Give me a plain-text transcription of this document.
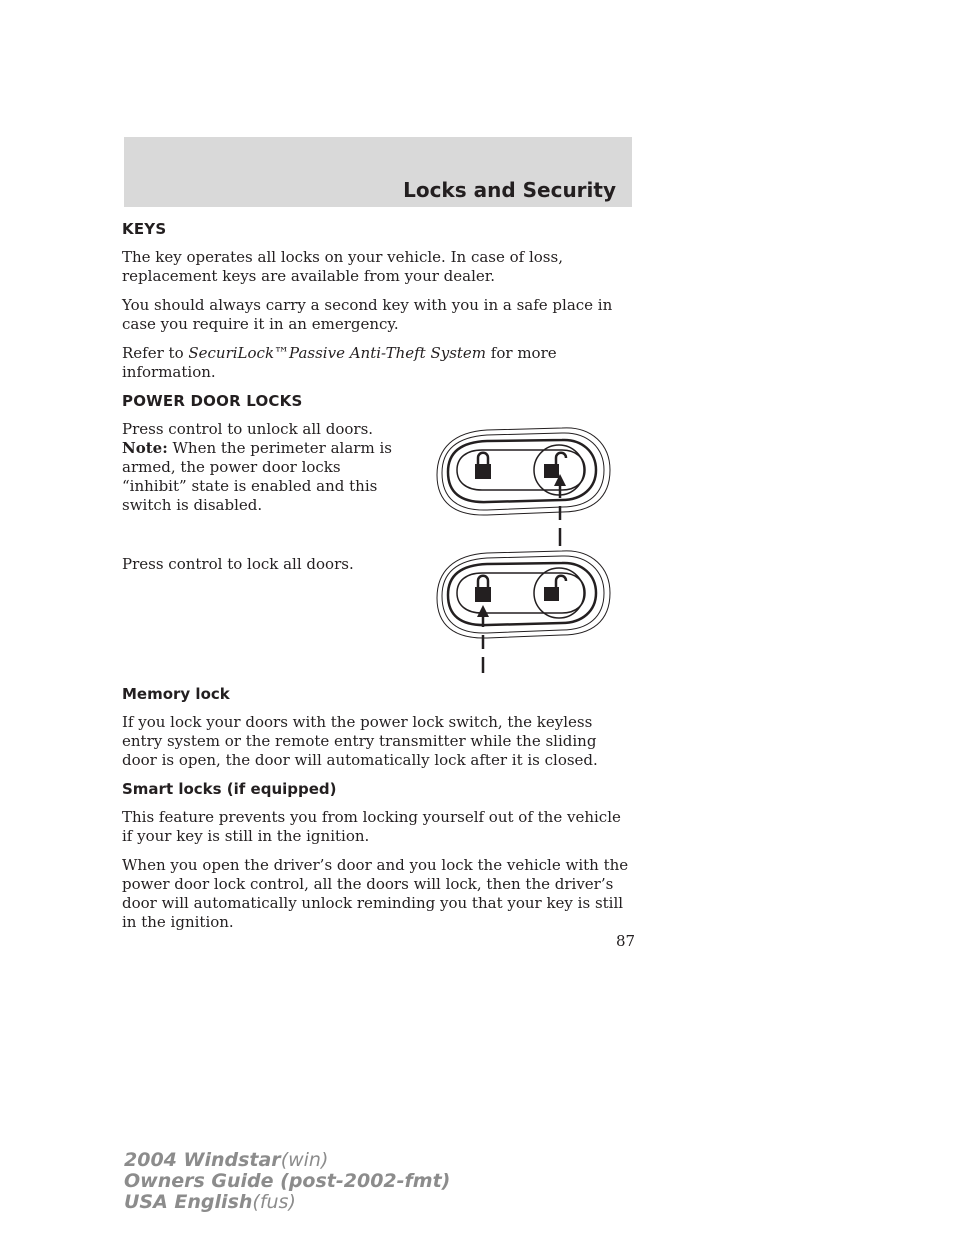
Locks and Security
KEYS

The key operates all locks on your vehicle. In case of loss, replacement keys are available from your dealer.

You should always carry a second key with you in a safe place in case you require it in an emergency.

Refer to SecuriLock™Passive Anti-Theft System for more information.

POWER DOOR LOCKS
Press control to unlock all doors.
Note: When the perimeter alarm is armed, the power door locks “inhibit” state is enabled and this switch is disabled.
Press control to lock all doors.
Memory lock

If you lock your doors with the power lock switch, the keyless entry system or the remote entry transmitter while the sliding door is open, the door will automatically lock after it is closed.

Smart locks (if equipped)

This feature prevents you from locking yourself out of the vehicle if your key is still in the ignition.

When you open the driver’s door and you lock the vehicle with the power door lock control, all the doors will lock, then the driver’s door will automatically unlock reminding you that your key is still in the ignition.

87
2004 Windstar(win)
Owners Guide (post-2002-fmt)
USA English(fus)
